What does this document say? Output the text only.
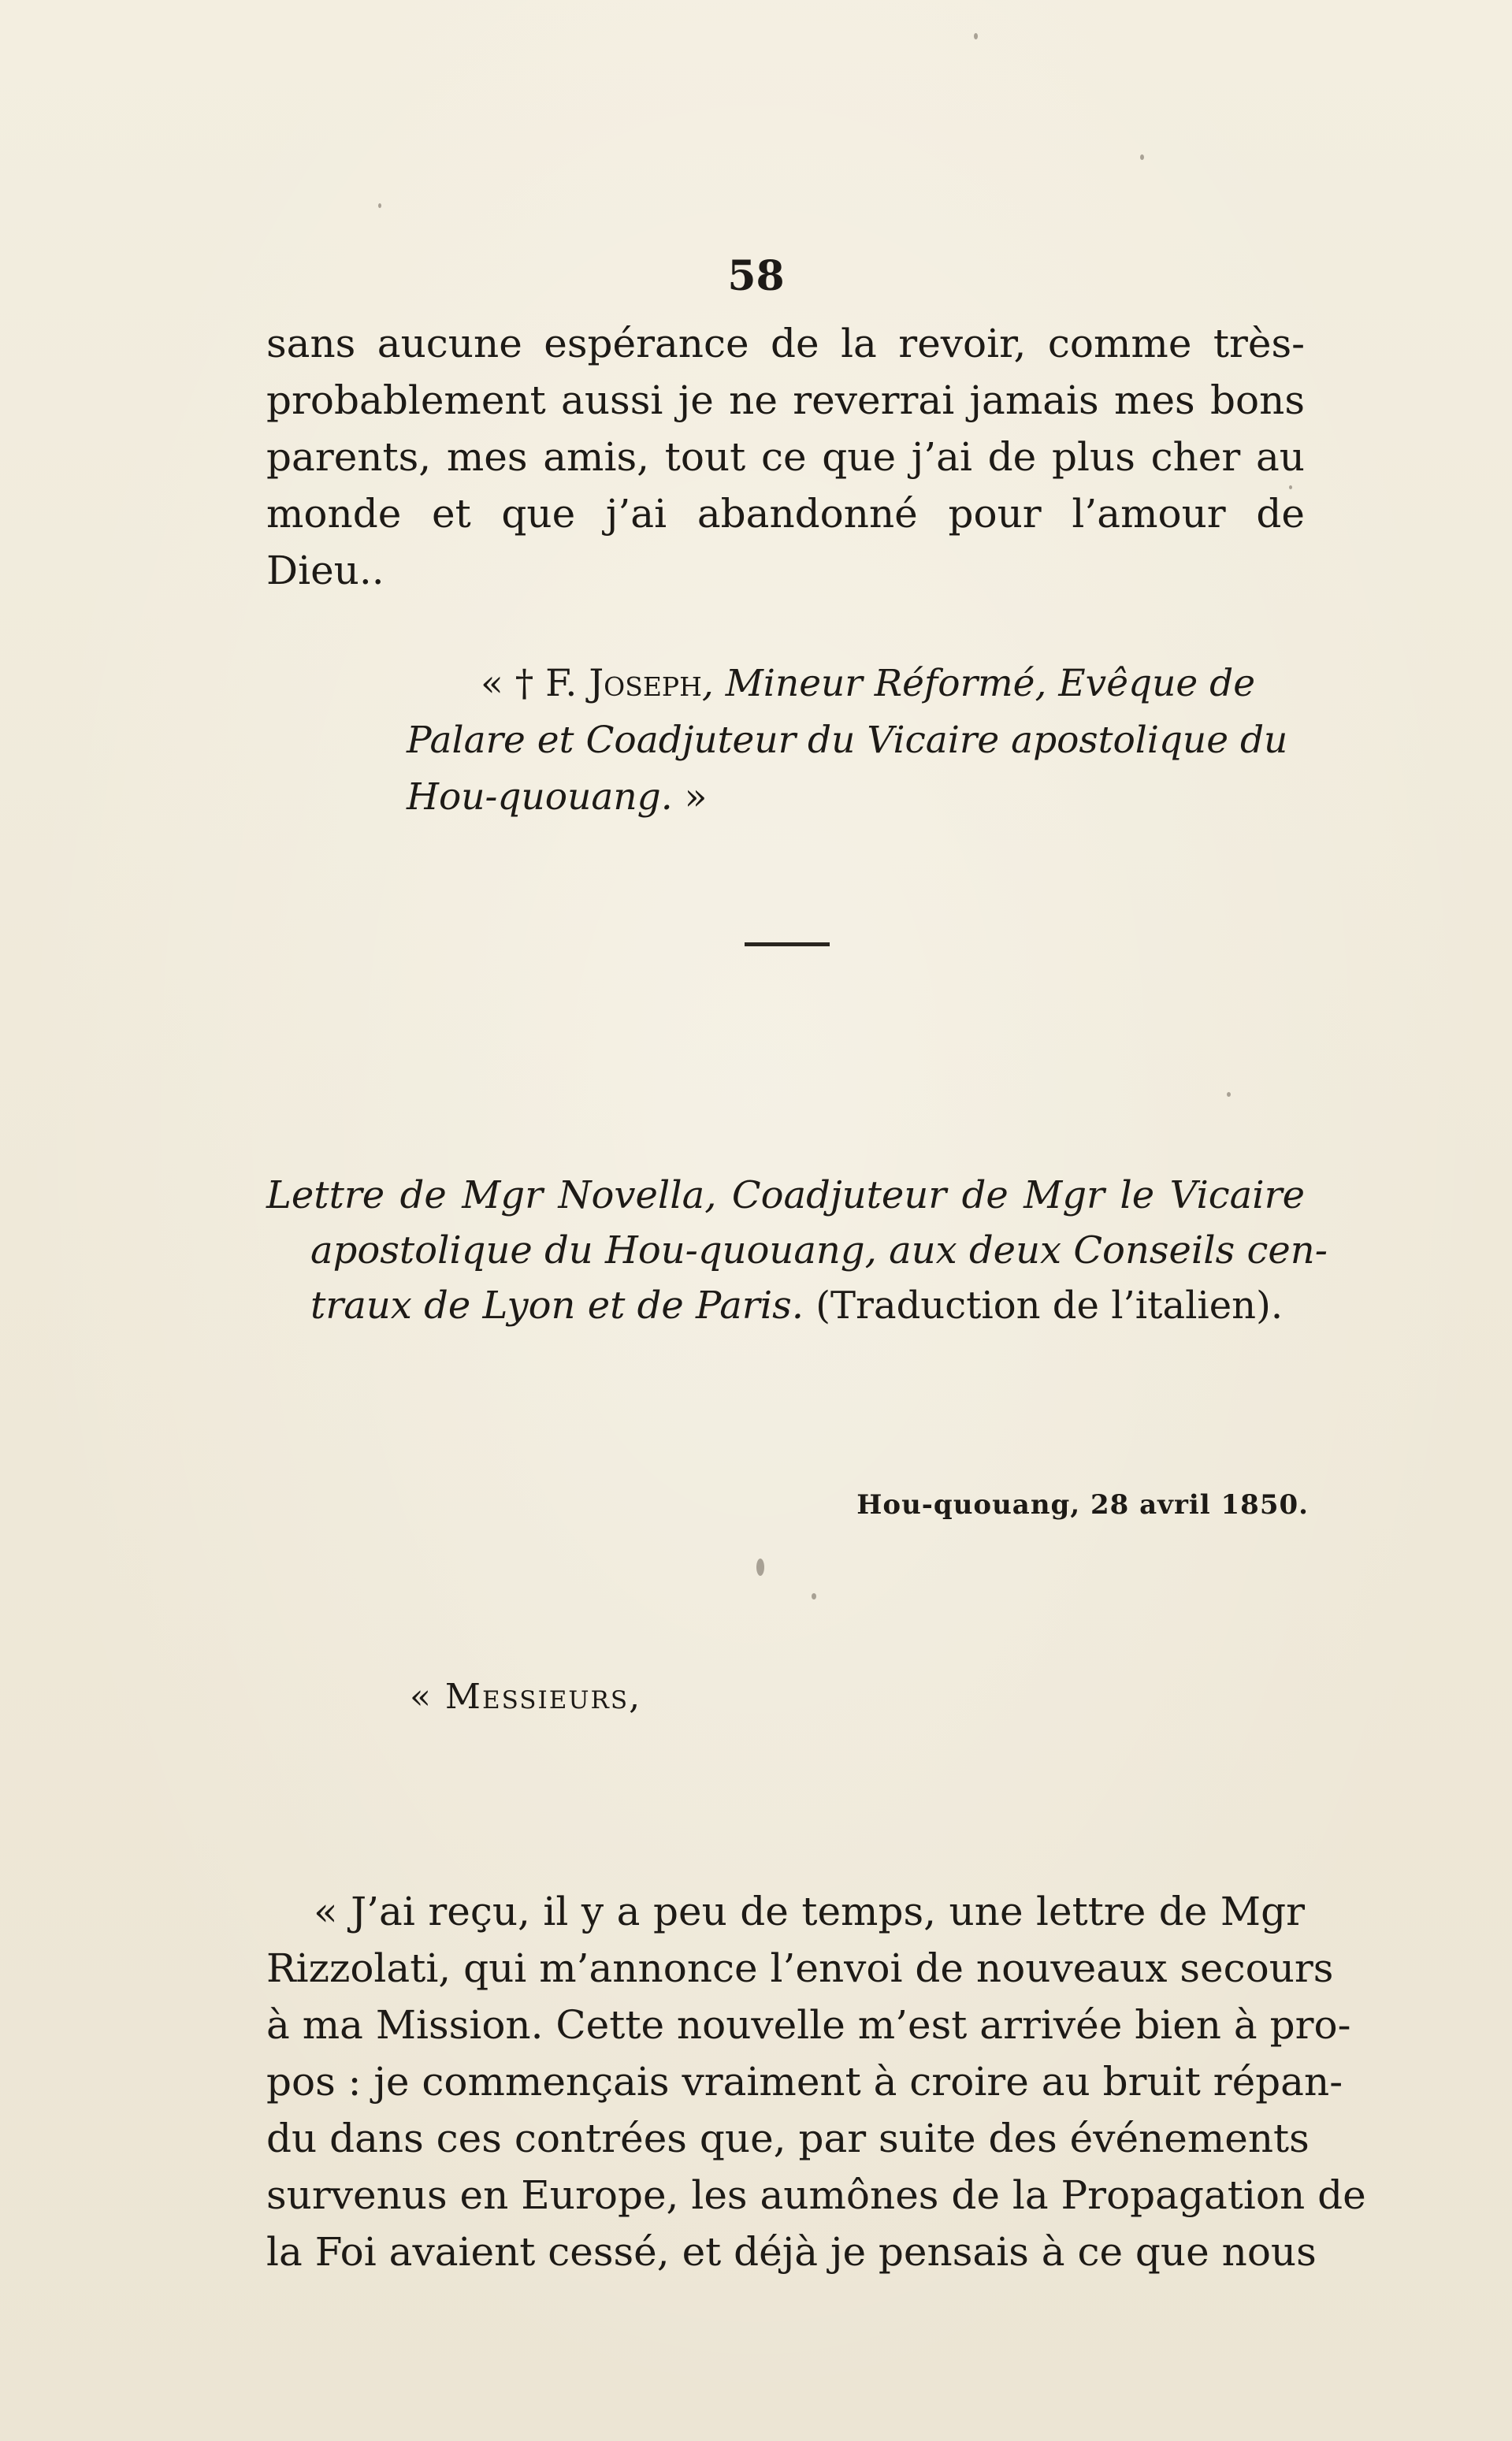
58
sans aucune espérance de la revoir, comme très-
probablement aussi je ne reverrai jamais mes bons
parents, mes amis, tout ce que j’ai de plus cher au
monde et que j’ai abandonné pour l’amour de
Dieu..
« † F. Joseph, Mineur Réformé, Evêque de
Palare et Coadjuteur du Vicaire apostolique du
Hou-quouang. »
Lettre de Mgr Novella, Coadjuteur de Mgr le Vicaire
apostolique du Hou-quouang, aux deux Conseils cen-
traux de Lyon et de Paris. (Traduction de l’italien).
Hou-quouang, 28 avril 1850.
« Messieurs,
« J’ai reçu, il y a peu de temps, une lettre de Mgr
Rizzolati, qui m’annonce l’envoi de nouveaux secours
à ma Mission. Cette nouvelle m’est arrivée bien à pro-
pos : je commençais vraiment à croire au bruit répan-
du dans ces contrées que, par suite des événements
survenus en Europe, les aumônes de la Propagation de
la Foi avaient cessé, et déjà je pensais à ce que nous
